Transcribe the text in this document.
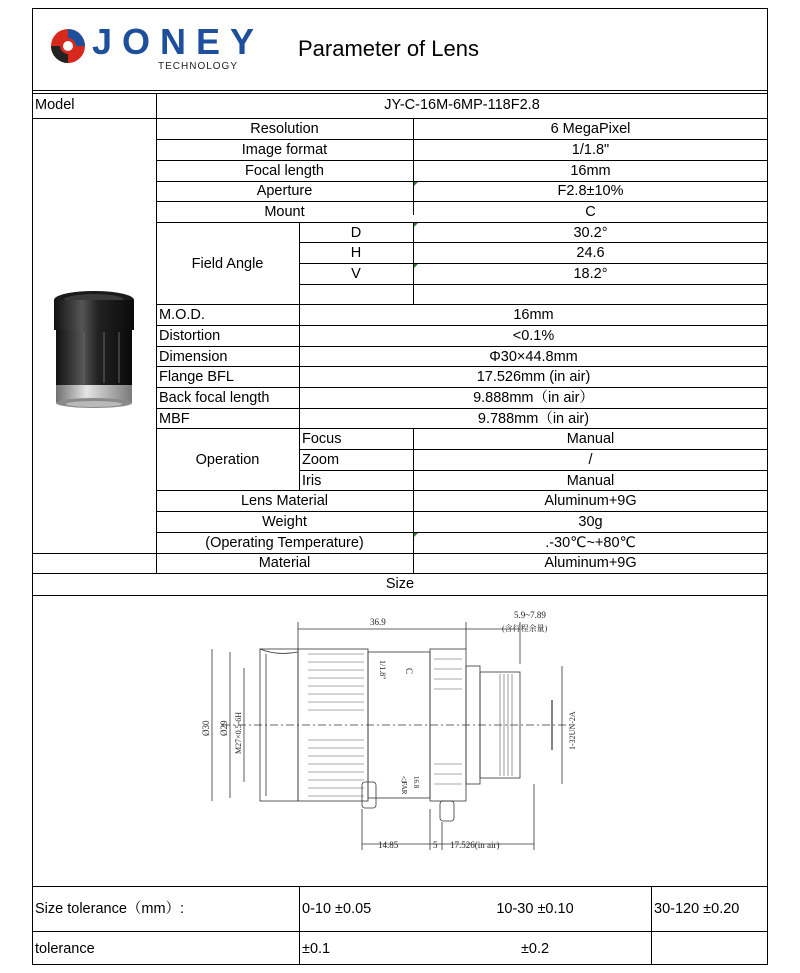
JONEY
TECHNOLOGY
Parameter of Lens
Model	JY-C-16M-6MP-118F2.8
Resolution	6 MegaPixel
Image format	1/1.8"
Focal length	16mm
Aperture	F2.8±10%
Mount	C
Field Angle
D	30.2°
H	24.6
V	18.2°
M.O.D.	16mm
Distortion	<0.1%
Dimension	Φ30×44.8mm
Flange BFL	17.526mm (in air)
Back focal length	9.888mm（in air）
MBF	9.788mm（in air)
Operation
Focus	Manual
Zoom	/
Iris	Manual
Lens Material	Aluminum+9G
Weight	30g
(Operating Temperature)	.-30℃~+80℃
Material	Aluminum+9G
Size
36.9
5.9~7.89
(含行程余量)
Ø30 Ø29 M27×0.5-6H	1-32UN-2A
1/1.8" C
16.8
◁FAR
14.85	5 17.526(in air)
Size tolerance（mm）:	0-10 ±0.05	10-30 ±0.10	30-120 ±0.20
tolerance	±0.1	±0.2
